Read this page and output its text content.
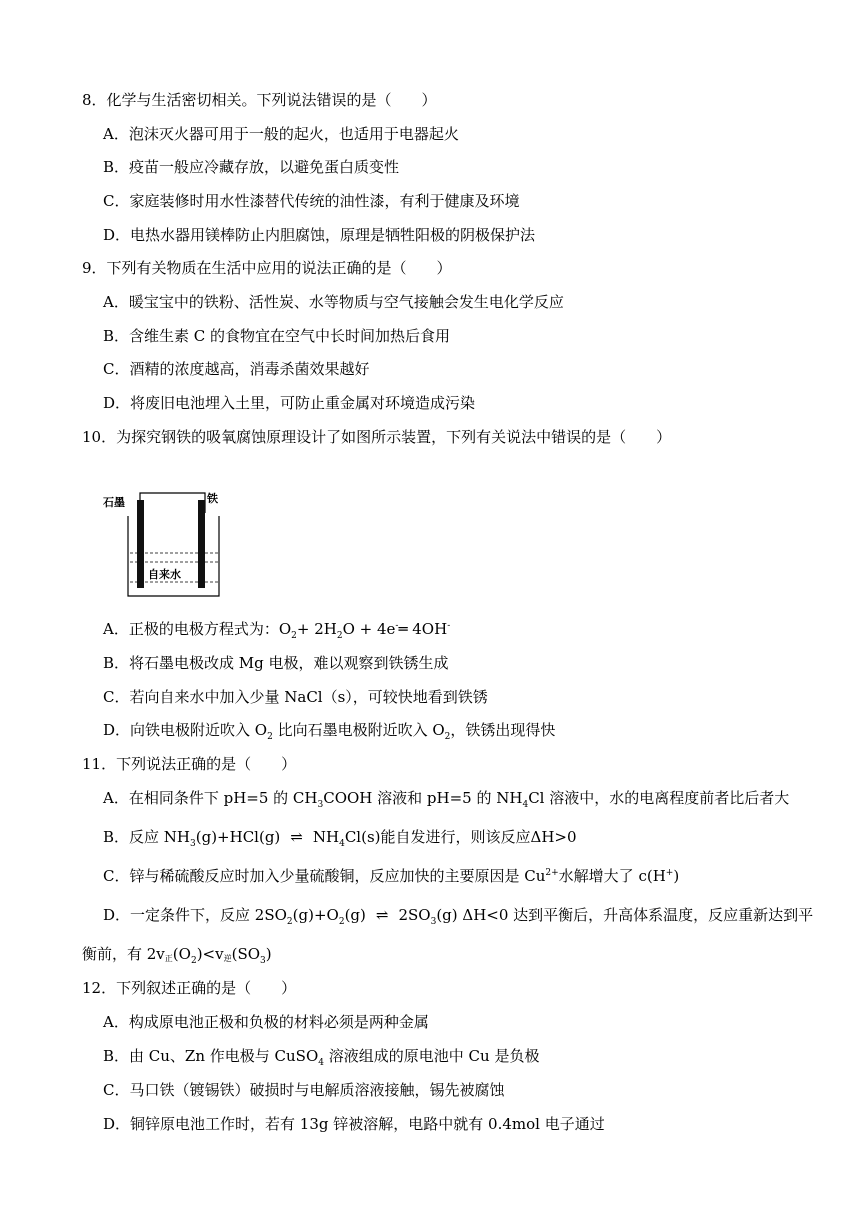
8．化学与生活密切相关。下列说法错误的是（　　）
A．泡沫灭火器可用于一般的起火，也适用于电器起火
B．疫苗一般应冷藏存放，以避免蛋白质变性
C．家庭装修时用水性漆替代传统的油性漆，有利于健康及环境
D．电热水器用镁棒防止内胆腐蚀，原理是牺牲阳极的阴极保护法
9．下列有关物质在生活中应用的说法正确的是（　　）
A．暖宝宝中的铁粉、活性炭、水等物质与空气接触会发生电化学反应
B．含维生素 C 的食物宜在空气中长时间加热后食用
C．酒精的浓度越高，消毒杀菌效果越好
D．将废旧电池埋入土里，可防止重金属对环境造成污染
10．为探究钢铁的吸氧腐蚀原理设计了如图所示装置，下列有关说法中错误的是（　　）
石墨	铁
自来水
A．正极的电极方程式为：$O_2+ 2H_2O$ + 4e-═ 4OH-
B．将石墨电极改成 Mg 电极，难以观察到铁锈生成
C．若向自来水中加入少量 NaCl（s），可较快地看到铁锈
D．向铁电极附近吹入 $O_2$ 比向石墨电极附近吹入 $O_2$，铁锈出现得快
11．下列说法正确的是（　　）
A．在相同条件下 pH=5 的 $CH_3COOH$ 溶液和 pH=5 的 $NH_4Cl$ 溶液中，水的电离程度前者比后者大
B．反应 $NH_3(g)+HCl(g)$ ⇌ $NH_4Cl(s)$能自发进行，则该反应ΔH>0
C．锌与稀硫酸反应时加入少量硫酸铜，反应加快的主要原因是 $Cu^{2+}$水解增大了 c(H+)
D．一定条件下，反应 $2SO_2(g)+O_2(g)$ ⇌ $2SO_3(g)$ ΔH<0 达到平衡后，升高体系温度，反应重新达到平
衡前，有 2v正$(O_2)<v$逆$(SO_3)$
12．下列叙述正确的是（　　）
A．构成原电池正极和负极的材料必须是两种金属
B．由 Cu、Zn 作电极与 CuSO$_4$ 溶液组成的原电池中 Cu 是负极
C．马口铁（镀锡铁）破损时与电解质溶液接触，锡先被腐蚀
D．铜锌原电池工作时，若有 13g 锌被溶解，电路中就有 0.4mol 电子通过
